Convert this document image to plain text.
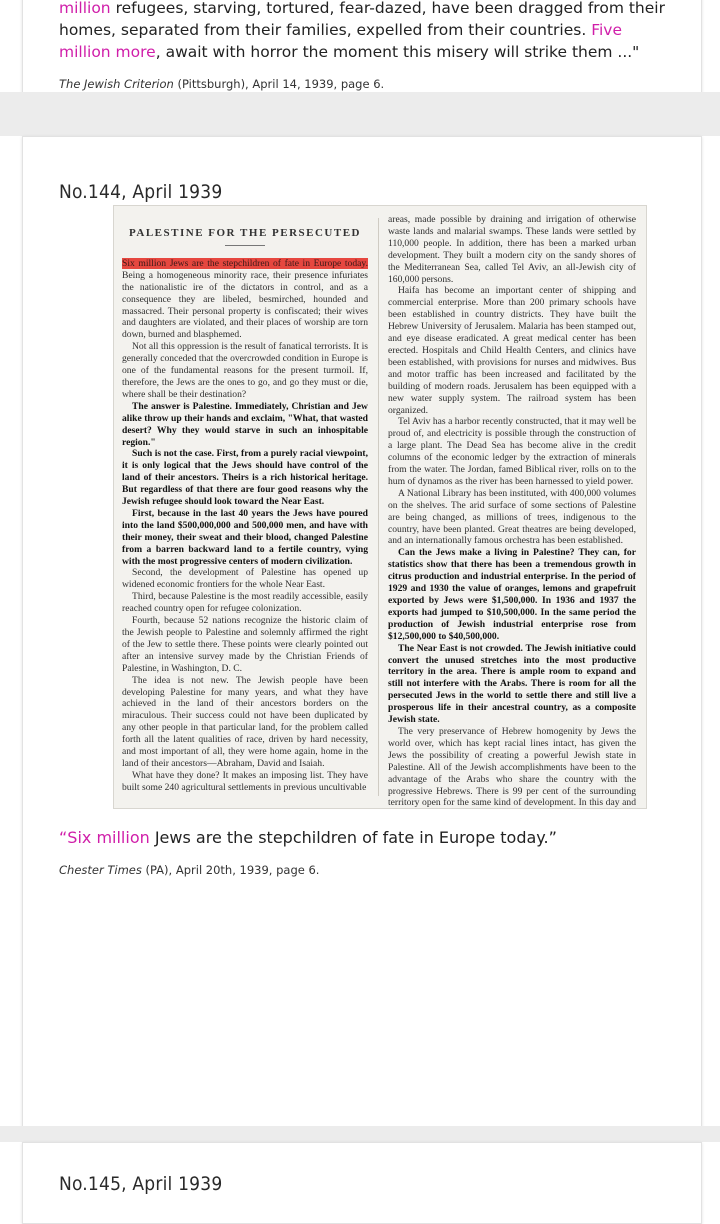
million refugees, starving, tortured, fear-dazed, have been dragged from their homes, separated from their families, expelled from their countries. Five million more, await with horror the moment this misery will strike them ..."
The Jewish Criterion (Pittsburgh), April 14, 1939, page 6.
No.144, April 1939
PALESTINE FOR THE PERSECUTED

Six million Jews are the stepchildren of fate in Europe today. Being a homogeneous minority race, their presence infuriates the nationalistic ire of the dictators in control, and as a consequence they are libeled, besmirched, hounded and massacred. Their personal property is confiscated; their wives and daughters are violated, and their places of worship are torn down, burned and blasphemed.

Not all this oppression is the result of fanatical terrorists. It is generally conceded that the overcrowded condition in Europe is one of the fundamental reasons for the present turmoil. If, therefore, the Jews are the ones to go, and go they must or die, where shall be their destination?

The answer is Palestine. Immediately, Christian and Jew alike throw up their hands and exclaim, "What, that wasted desert? Why they would starve in such an inhospitable region."

Such is not the case. First, from a purely racial viewpoint, it is only logical that the Jews should have control of the land of their ancestors. Theirs is a rich historical heritage. But regardless of that there are four good reasons why the Jewish refugee should look toward the Near East.

First, because in the last 40 years the Jews have poured into the land $500,000,000 and 500,000 men, and have with their money, their sweat and their blood, changed Palestine from a barren backward land to a fertile country, vying with the most progressive centers of modern civilization.

Second, the development of Palestine has opened up widened economic frontiers for the whole Near East.

Third, because Palestine is the most readily accessible, easily reached country open for refugee colonization.

Fourth, because 52 nations recognize the historic claim of the Jewish people to Palestine and solemnly affirmed the right of the Jew to settle there. These points were clearly pointed out after an intensive survey made by the Christian Friends of Palestine, in Washington, D. C.

The idea is not new. The Jewish people have been developing Palestine for many years, and what they have achieved in the land of their ancestors borders on the miraculous. Their success could not have been duplicated by any other people in that particular land, for the problem called forth all the latent qualities of race, driven by hard necessity, and most important of all, they were home again, home in the land of their ancestors—Abraham, David and Isaiah.

What have they done? It makes an imposing list. They have built some 240 agricultural settlements in previous uncultivable

areas, made possible by draining and irrigation of otherwise waste lands and malarial swamps. These lands were settled by 110,000 people. In addition, there has been a marked urban development. They built a modern city on the sandy shores of the Mediterranean Sea, called Tel Aviv, an all-Jewish city of 160,000 persons.

Haifa has become an important center of shipping and commercial enterprise. More than 200 primary schools have been established in country districts. They have built the Hebrew University of Jerusalem. Malaria has been stamped out, and eye disease eradicated. A great medical center has been erected. Hospitals and Child Health Centers, and clinics have been established, with provisions for nurses and midwives. Bus and motor traffic has been increased and facilitated by the building of modern roads. Jerusalem has been equipped with a new water supply system. The railroad system has been organized.

Tel Aviv has a harbor recently constructed, that it may well be proud of, and electricity is possible through the construction of a large plant. The Dead Sea has become alive in the credit columns of the economic ledger by the extraction of minerals from the water. The Jordan, famed Biblical river, rolls on to the hum of dynamos as the river has been harnessed to yield power.

A National Library has been instituted, with 400,000 volumes on the shelves. The arid surface of some sections of Palestine are being changed, as millions of trees, indigenous to the country, have been planted. Great theatres are being developed, and an internationally famous orchestra has been established.

Can the Jews make a living in Palestine? They can, for statistics show that there has been a tremendous growth in citrus production and industrial enterprise. In the period of 1929 and 1930 the value of oranges, lemons and grapefruit exported by Jews were $1,500,000. In 1936 and 1937 the exports had jumped to $10,500,000. In the same period the production of Jewish industrial enterprise rose from $12,500,000 to $40,500,000.

The Near East is not crowded. The Jewish initiative could convert the unused stretches into the most productive territory in the area. There is ample room to expand and still not interfere with the Arabs. There is room for all the persecuted Jews in the world to settle there and still live a prosperous life in their ancestral country, as a composite Jewish state.

The very preservance of Hebrew homogenity by Jews the world over, which has kept racial lines intact, has given the Jews the possibility of creating a powerful Jewish state in Palestine. All of the Jewish accomplishments have been to the advantage of the Arabs who share the country with the progressive Hebrews. There is 99 per cent of the surrounding territory open for the same kind of development. In this day and

“Six million Jews are the stepchildren of fate in Europe today.”
Chester Times (PA), April 20th, 1939, page 6.
No.145, April 1939
